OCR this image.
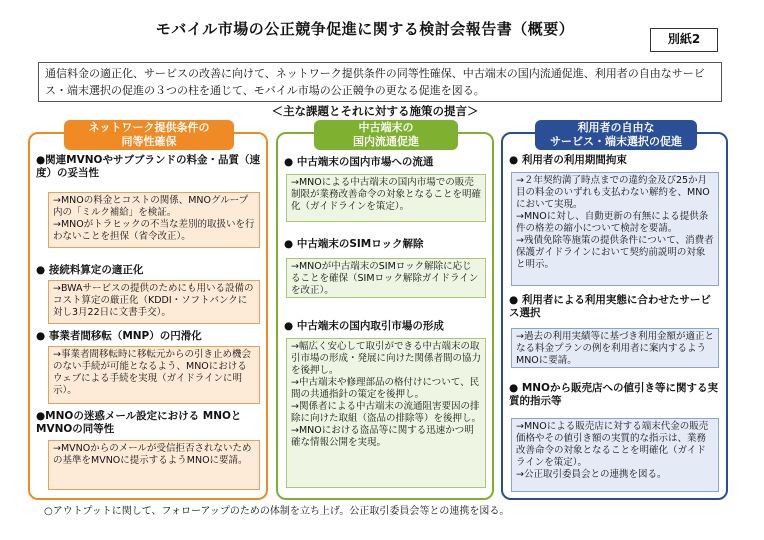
モバイル市場の公正競争促進に関する検討会報告書（概要）
別紙2
通信料金の適正化、サービスの改善に向けて、ネットワーク提供条件の同等性確保、中古端末の国内流通促進、利用者の自由なサービス・端末選択の促進の３つの柱を通じて、モバイル市場の公正競争の更なる促進を図る。
＜主な課題とそれに対する施策の提言＞
ネットワーク提供条件の
同等性確保
●関連MVNOやサブブランドの料金・品質（速度）の妥当性
→MNOの料金とコストの関係、MNOグループ内の「ミルク補給」を検証。
→MNOがトラヒックの不当な差別的取扱いを行わないことを担保（省令改正）。
● 接続料算定の適正化
→BWAサービスの提供のためにも用いる設備のコスト算定の厳正化（KDDI・ソフトバンクに対し3月22日に文書手交）。
● 事業者間移転（MNP）の円滑化
→事業者間移転時に移転元からの引き止め機会のない手続が可能となるよう、MNOにおけるウェブによる手続を実現（ガイドラインに明示）。
●MNOの迷惑メール設定における MNOとMVNOの同等性
→MVNOからのメールが受信拒否されないための基準をMVNOに提示するようMNOに要請。
中古端末の
国内流通促進
● 中古端末の国内市場への流通
→MNOによる中古端末の国内市場での販売制限が業務改善命令の対象となることを明確化（ガイドラインを策定）。
● 中古端末のSIMロック解除
→MNOが中古端末のSIMロック解除に応じることを確保（SIMロック解除ガイドラインを改正）。
● 中古端末の国内取引市場の形成
→幅広く安心して取引ができる中古端末の取引市場の形成・発展に向けた関係者間の協力を後押し。
→中古端末や修理部品の格付けについて、民間の共通指針の策定を後押し。
→関係者による中古端末の流通阻害要因の排除に向けた取組（盗品の排除等）を後押し。
→MNOにおける盗品等に関する迅速かつ明確な情報公開を実現。
利用者の自由な
サービス・端末選択の促進
● 利用者の利用期間拘束
→２年契約満了時点までの違約金及び25か月目の料金のいずれも支払わない解約を、MNOにおいて実現。
→MNOに対し、自動更新の有無による提供条件の格差の縮小について検討を要請。
→残債免除等施策の提供条件について、消費者保護ガイドラインにおいて契約前説明の対象と明示。
● 利用者による利用実態に合わせたサービス選択
→過去の利用実績等に基づき利用金額が適正となる料金プランの例を利用者に案内するようMNOに要請。
● MNOから販売店への値引き等に関する実質的指示等
→MNOによる販売店に対する端末代金の販売価格やその値引き額の実質的な指示は、業務改善命令の対象となることを明確化（ガイドラインを策定）。
→公正取引委員会との連携を図る。
○アウトプットに関して、フォローアップのための体制を立ち上げ。公正取引委員会等との連携を図る。
